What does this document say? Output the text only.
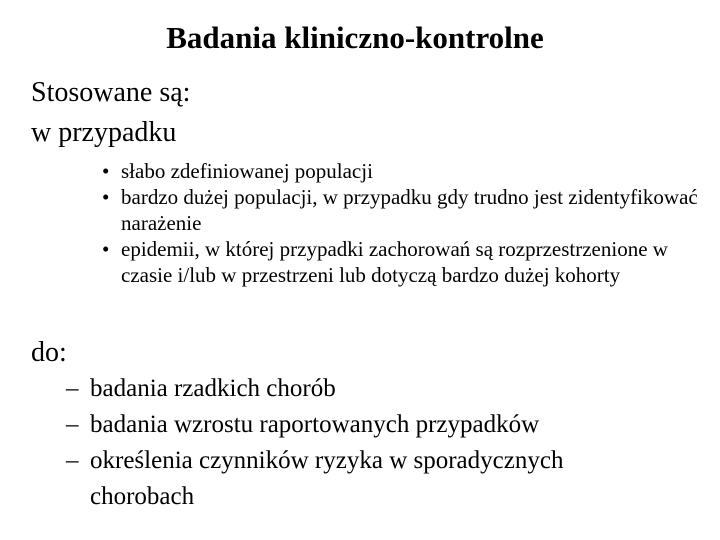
Badania kliniczno-kontrolne
Stosowane są:
w przypadku
• słabo zdefiniowanej populacji
• bardzo dużej populacji, w przypadku gdy trudno jest zidentyfikować narażenie
• epidemii, w której przypadki zachorowań są rozprzestrzenione w czasie i/lub w przestrzeni lub dotyczą bardzo dużej kohorty
do:
– badania rzadkich chorób
– badania wzrostu raportowanych przypadków
– określenia czynników ryzyka w sporadycznych chorobach
